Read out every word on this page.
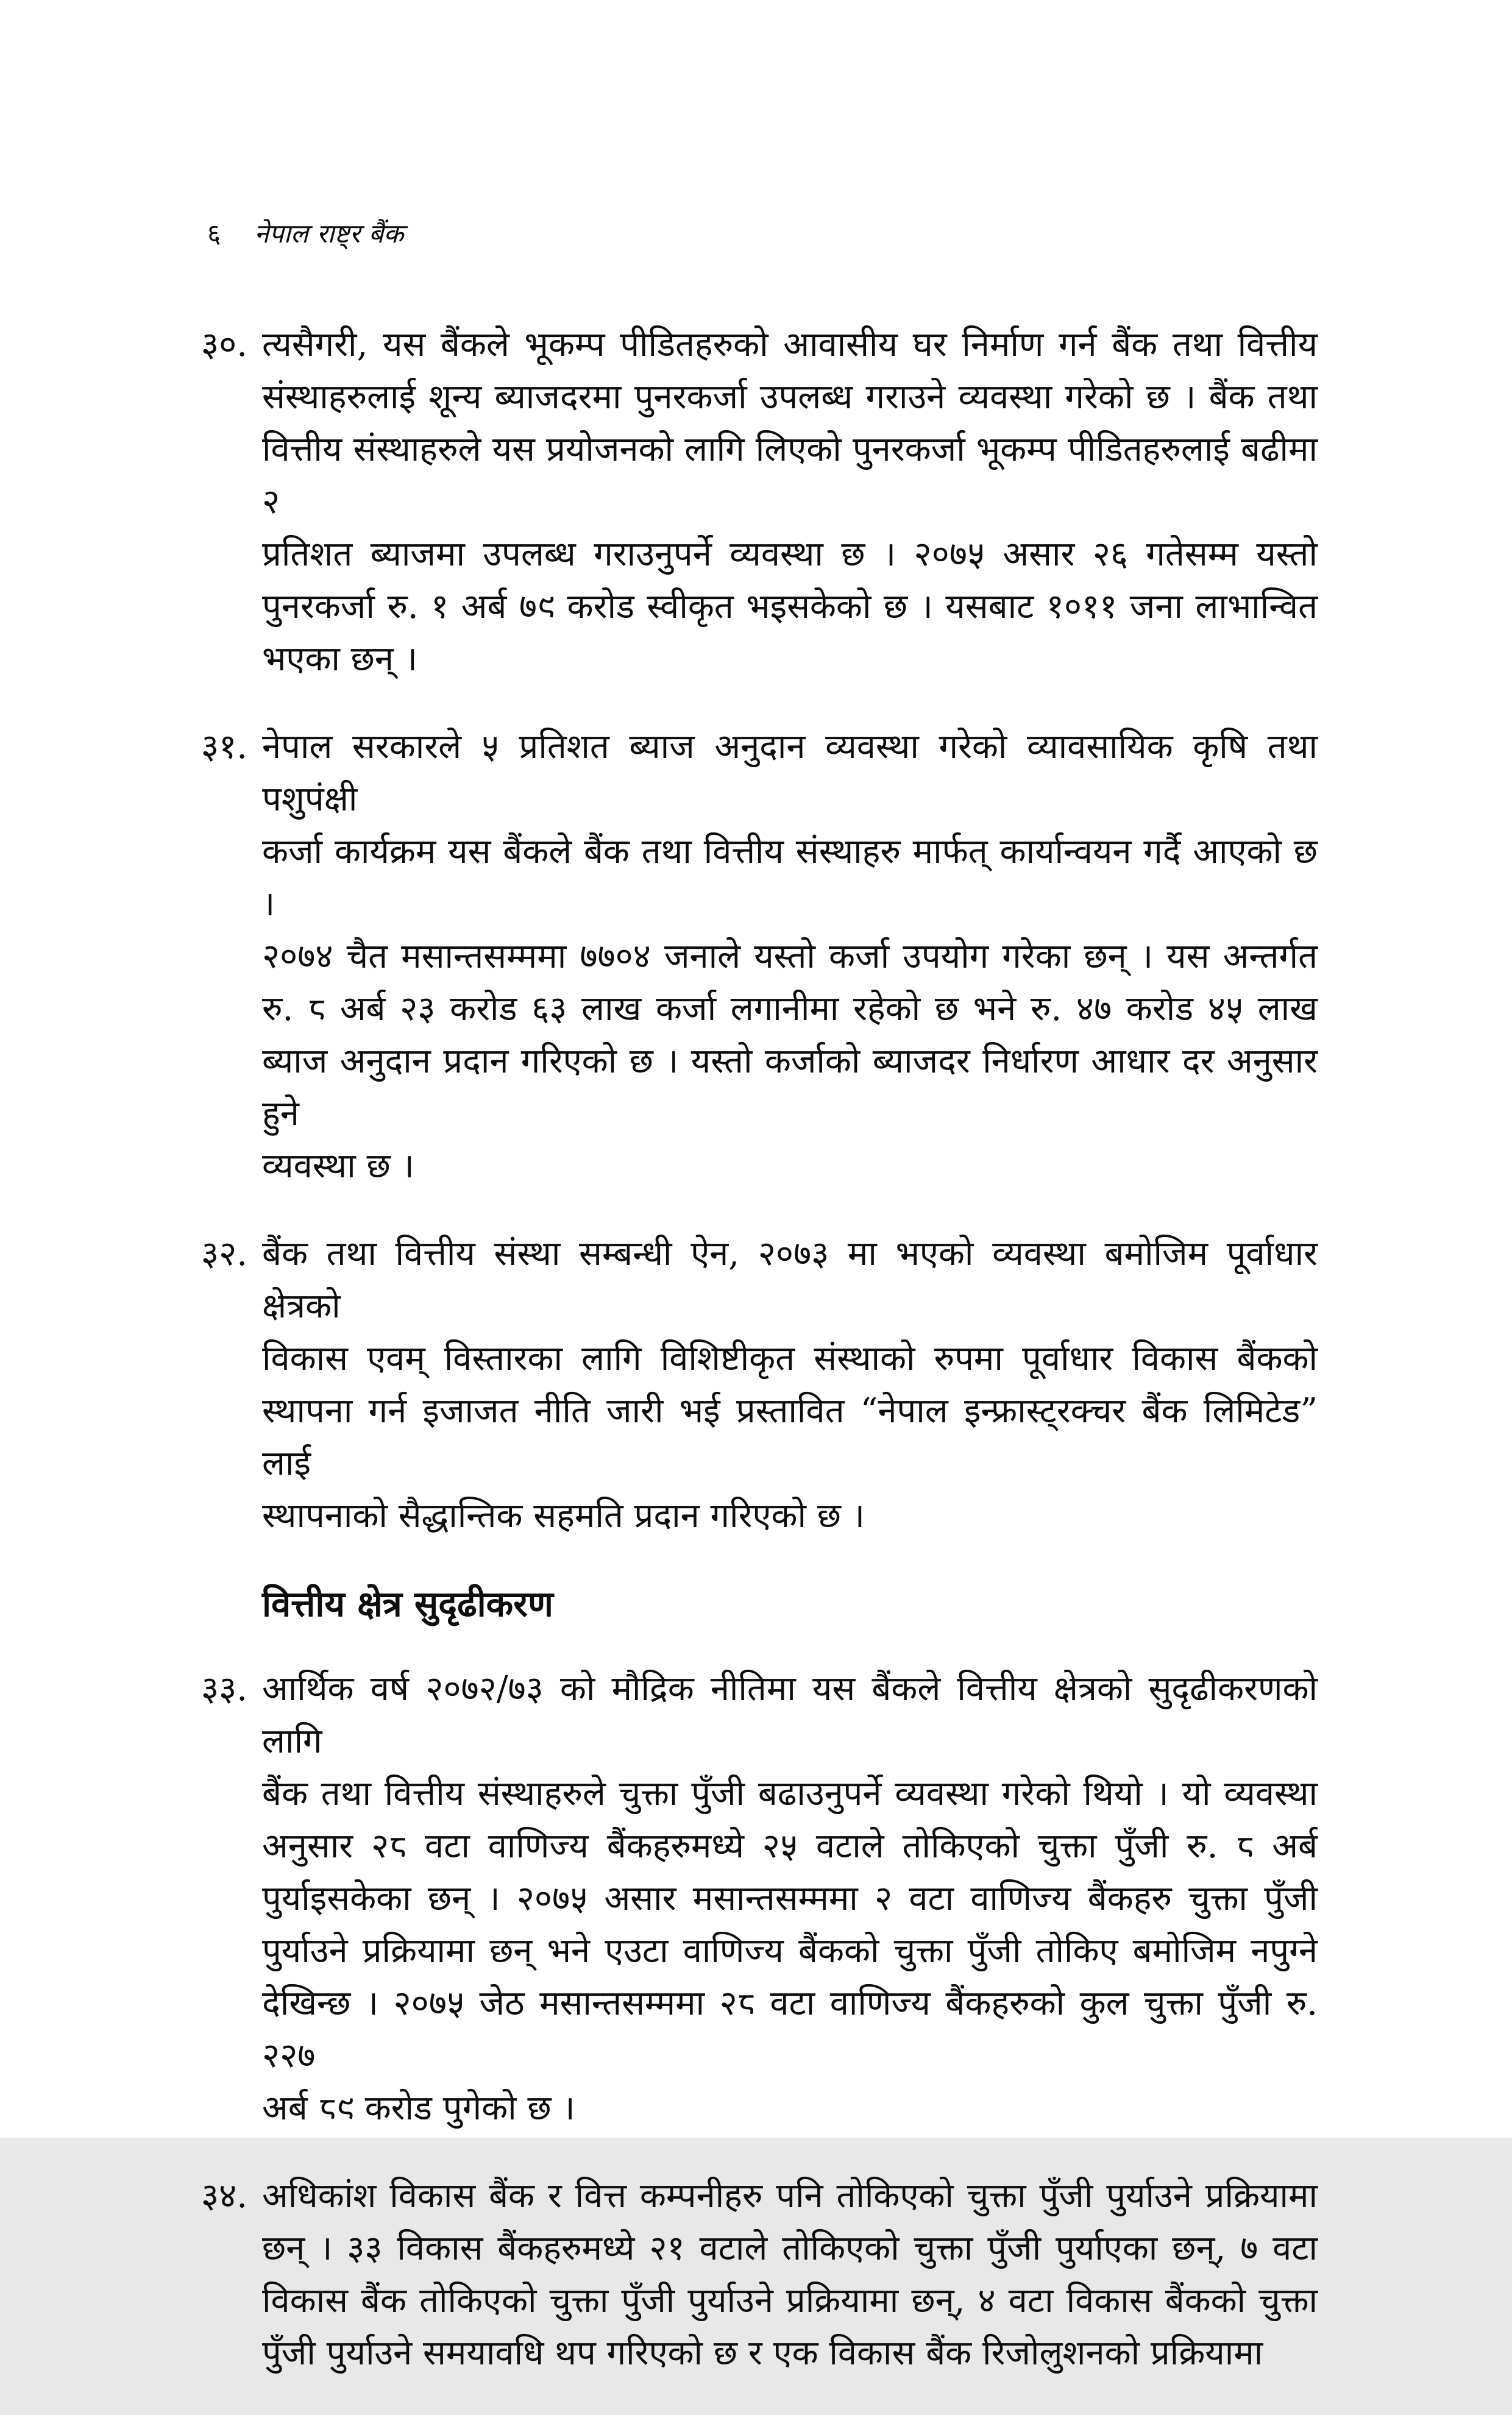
६ नेपाल राष्ट्र बैंक
३०. त्यसैगरी, यस बैंकले भूकम्प पीडितहरुको आवासीय घर निर्माण गर्न बैंक तथा वित्तीय
संस्थाहरुलाई शून्य ब्याजदरमा पुनरकर्जा उपलब्ध गराउने व्यवस्था गरेको छ । बैंक तथा
वित्तीय संस्थाहरुले यस प्रयोजनको लागि लिएको पुनरकर्जा भूकम्प पीडितहरुलाई बढीमा २
प्रतिशत ब्याजमा उपलब्ध गराउनुपर्ने व्यवस्था छ । २०७५ असार २६ गतेसम्म यस्तो
पुनरकर्जा रु. १ अर्ब ७९ करोड स्वीकृत भइसकेको छ । यसबाट १०११ जना लाभान्वित
भएका छन् ।
३१. नेपाल सरकारले ५ प्रतिशत ब्याज अनुदान व्यवस्था गरेको व्यावसायिक कृषि तथा पशुपंक्षी
कर्जा कार्यक्रम यस बैंकले बैंक तथा वित्तीय संस्थाहरु मार्फत् कार्यान्वयन गर्दै आएको छ ।
२०७४ चैत मसान्तसम्ममा ७७०४ जनाले यस्तो कर्जा उपयोग गरेका छन् । यस अन्तर्गत
रु. ८ अर्ब २३ करोड ६३ लाख कर्जा लगानीमा रहेको छ भने रु. ४७ करोड ४५ लाख
ब्याज अनुदान प्रदान गरिएको छ । यस्तो कर्जाको ब्याजदर निर्धारण आधार दर अनुसार हुने
व्यवस्था छ ।
३२. बैंक तथा वित्तीय संस्था सम्बन्धी ऐन, २०७३ मा भएको व्यवस्था बमोजिम पूर्वाधार क्षेत्रको
विकास एवम् विस्तारका लागि विशिष्टीकृत संस्थाको रुपमा पूर्वाधार विकास बैंकको
स्थापना गर्न इजाजत नीति जारी भई प्रस्तावित “नेपाल इन्फ्रास्ट्रक्चर बैंक लिमिटेड” लाई
स्थापनाको सैद्धान्तिक सहमति प्रदान गरिएको छ ।
वित्तीय क्षेत्र सुदृढीकरण
३३. आर्थिक वर्ष २०७२/७३ को मौद्रिक नीतिमा यस बैंकले वित्तीय क्षेत्रको सुदृढीकरणको लागि
बैंक तथा वित्तीय संस्थाहरुले चुक्ता पुँजी बढाउनुपर्ने व्यवस्था गरेको थियो । यो व्यवस्था
अनुसार २८ वटा वाणिज्य बैंकहरुमध्ये २५ वटाले तोकिएको चुक्ता पुँजी रु. ८ अर्ब
पुर्याइसकेका छन् । २०७५ असार मसान्तसम्ममा २ वटा वाणिज्य बैंकहरु चुक्ता पुँजी
पुर्याउने प्रक्रियामा छन् भने एउटा वाणिज्य बैंकको चुक्ता पुँजी तोकिए बमोजिम नपुग्ने
देखिन्छ । २०७५ जेठ मसान्तसम्ममा २८ वटा वाणिज्य बैंकहरुको कुल चुक्ता पुँजी रु. २२७
अर्ब ८९ करोड पुगेको छ ।
३४. अधिकांश विकास बैंक र वित्त कम्पनीहरु पनि तोकिएको चुक्ता पुँजी पुर्याउने प्रक्रियामा
छन् । ३३ विकास बैंकहरुमध्ये २१ वटाले तोकिएको चुक्ता पुँजी पुर्याएका छन्, ७ वटा
विकास बैंक तोकिएको चुक्ता पुँजी पुर्याउने प्रक्रियामा छन्, ४ वटा विकास बैंकको चुक्ता
पुँजी पुर्याउने समयावधि थप गरिएको छ र एक विकास बैंक रिजोलुशनको प्रक्रियामा
